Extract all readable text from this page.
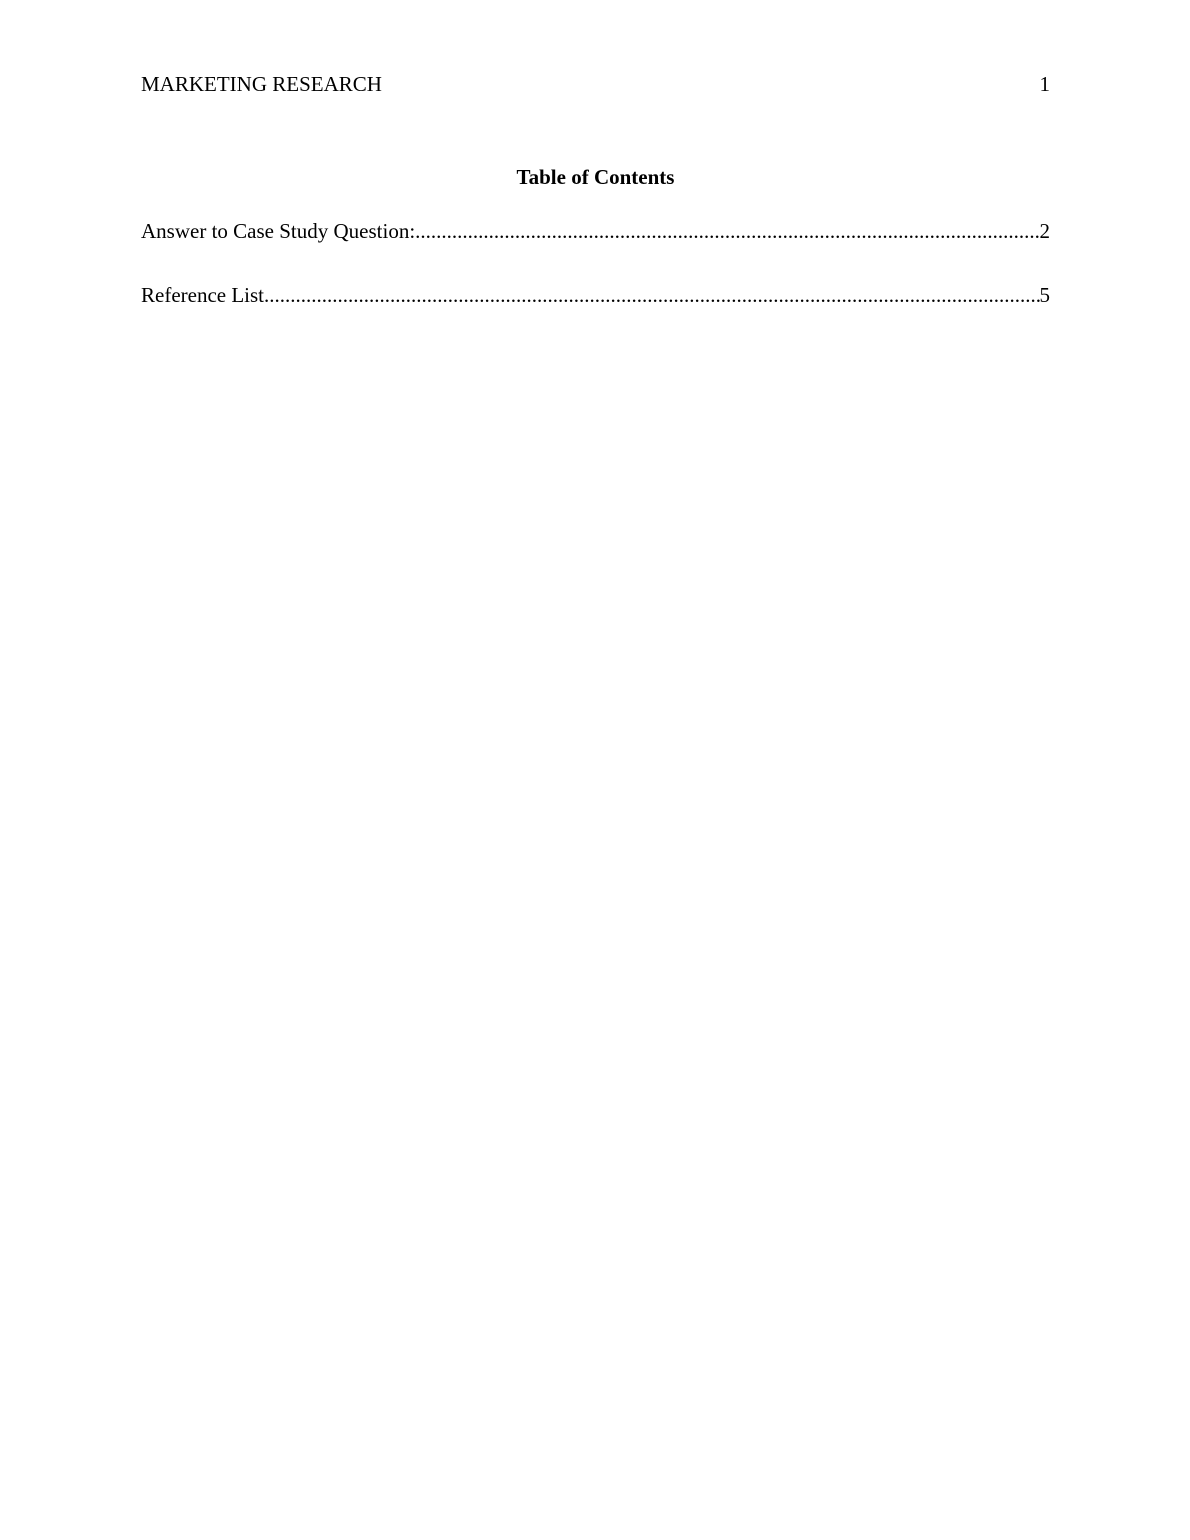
MARKETING RESEARCH	1
Table of Contents
Answer to Case Study Question: .....	2
Reference List .....	5
